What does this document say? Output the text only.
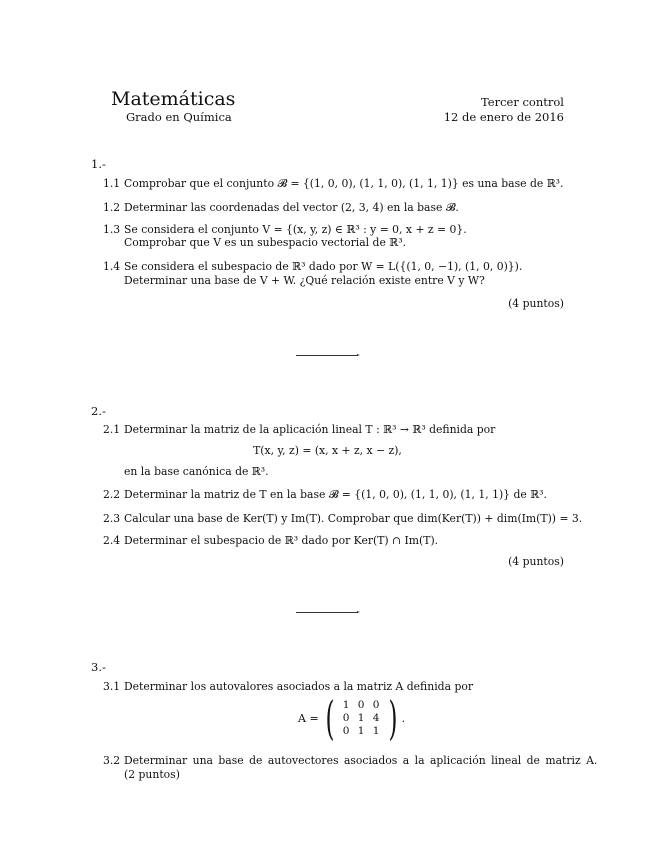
Matemáticas
Grado en Química
Tercer control
12 de enero de 2016
1.-
1.1 Comprobar que el conjunto 𝓑 = {(1, 0, 0), (1, 1, 0), (1, 1, 1)} es una base de ℝ³.
1.2 Determinar las coordenadas del vector (2, 3, 4) en la base 𝓑.
1.3 Se considera el conjunto V = {(x, y, z) ∈ ℝ³ : y = 0, x + z = 0}.
Comprobar que V es un subespacio vectorial de ℝ³.
1.4 Se considera el subespacio de ℝ³ dado por W = L({(1, 0, −1), (1, 0, 0)}).
Determinar una base de V + W. ¿Qué relación existe entre V y W?
(4 puntos)
2.-
2.1 Determinar la matriz de la aplicación lineal T : ℝ³ → ℝ³ definida por
T(x, y, z) = (x, x + z, x − z),
en la base canónica de ℝ³.
2.2 Determinar la matriz de T en la base 𝓑 = {(1, 0, 0), (1, 1, 0), (1, 1, 1)} de ℝ³.
2.3 Calcular una base de Ker(T) y Im(T). Comprobar que dim(Ker(T)) + dim(Im(T)) = 3.
2.4 Determinar el subespacio de ℝ³ dado por Ker(T) ∩ Im(T).
(4 puntos)
3.-
3.1 Determinar los autovalores asociados a la matriz A definida por
A = ( 1 0 0
0 1 4
0 1 1 ) .
3.2 Determinar una base de autovectores asociados a la aplicación lineal de matriz A.
(2 puntos)
